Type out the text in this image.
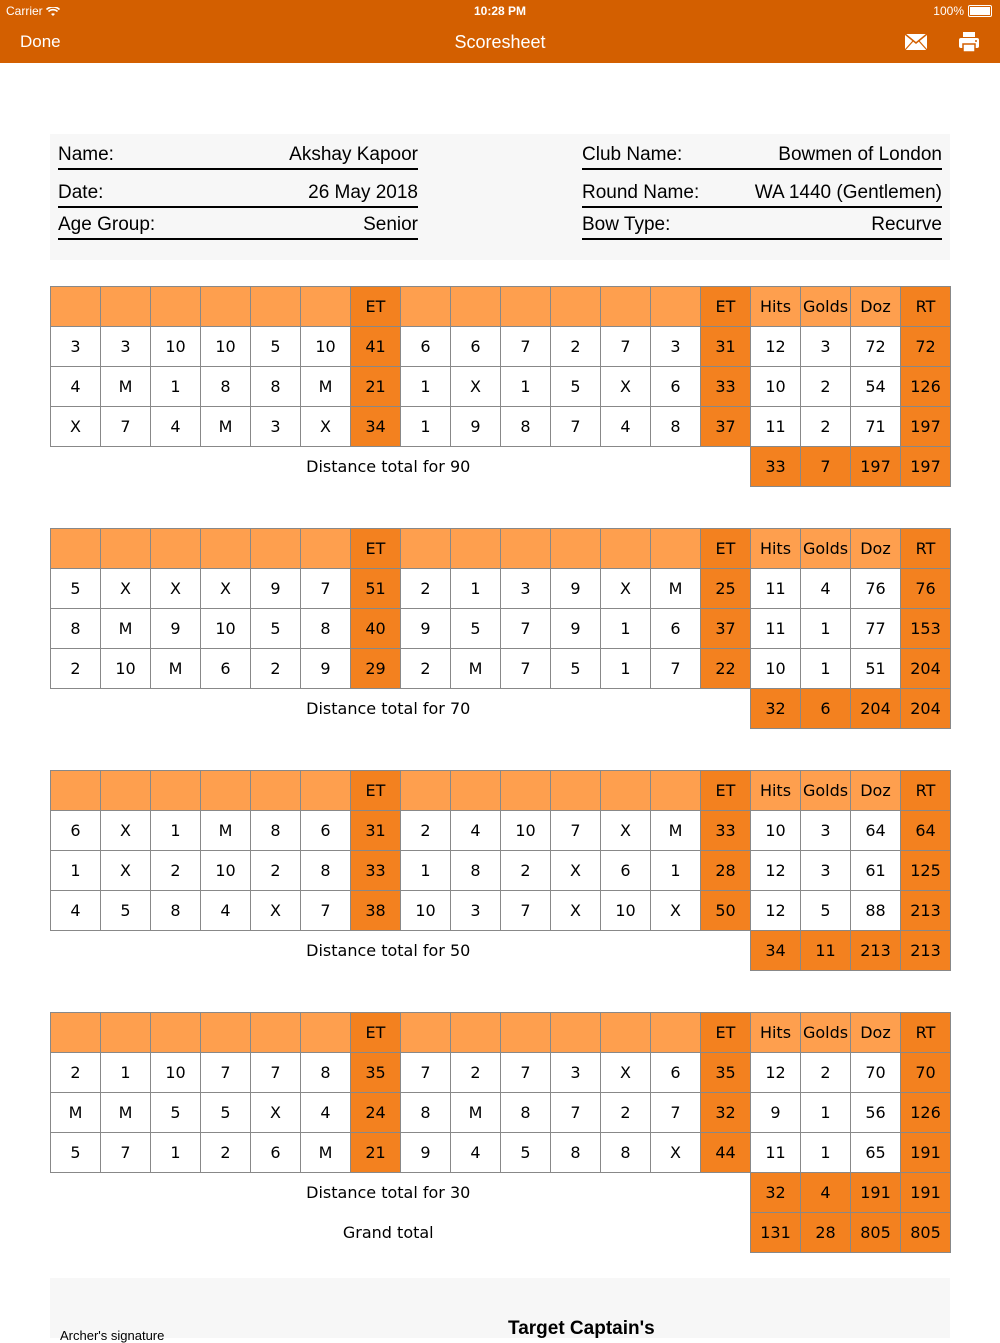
Carrier	10:28 PM	100%
Done	Scoresheet
Name:	Akshay Kapoor
Date:	26 May 2018
Age Group:	Senior
Club Name:	Bowmen of London
Round Name:	WA 1440 (Gentlemen)
Bow Type:	Recurve
						ET							ET	Hits	Golds	Doz	RT
3	3	10	10	5	10	41	6	6	7	2	7	3	31	12	3	72	72
4	M	1	8	8	M	21	1	X	1	5	X	6	33	10	2	54	126
X	7	4	M	3	X	34	1	9	8	7	4	8	37	11	2	71	197
Distance total for 90														33	7	197	197
						ET							ET	Hits	Golds	Doz	RT
5	X	X	X	9	7	51	2	1	3	9	X	M	25	11	4	76	76
8	M	9	10	5	8	40	9	5	7	9	1	6	37	11	1	77	153
2	10	M	6	2	9	29	2	M	7	5	1	7	22	10	1	51	204
Distance total for 70														32	6	204	204
						ET							ET	Hits	Golds	Doz	RT
6	X	1	M	8	6	31	2	4	10	7	X	M	33	10	3	64	64
1	X	2	10	2	8	33	1	8	2	X	6	1	28	12	3	61	125
4	5	8	4	X	7	38	10	3	7	X	10	X	50	12	5	88	213
Distance total for 50														34	11	213	213
						ET							ET	Hits	Golds	Doz	RT
2	1	10	7	7	8	35	7	2	7	3	X	6	35	12	2	70	70
M	M	5	5	X	4	24	8	M	8	7	2	7	32	9	1	56	126
5	7	1	2	6	M	21	9	4	5	8	8	X	44	11	1	65	191
Distance total for 30														32	4	191	191
Grand total														131	28	805	805
Archer's signature	Target Captain's
